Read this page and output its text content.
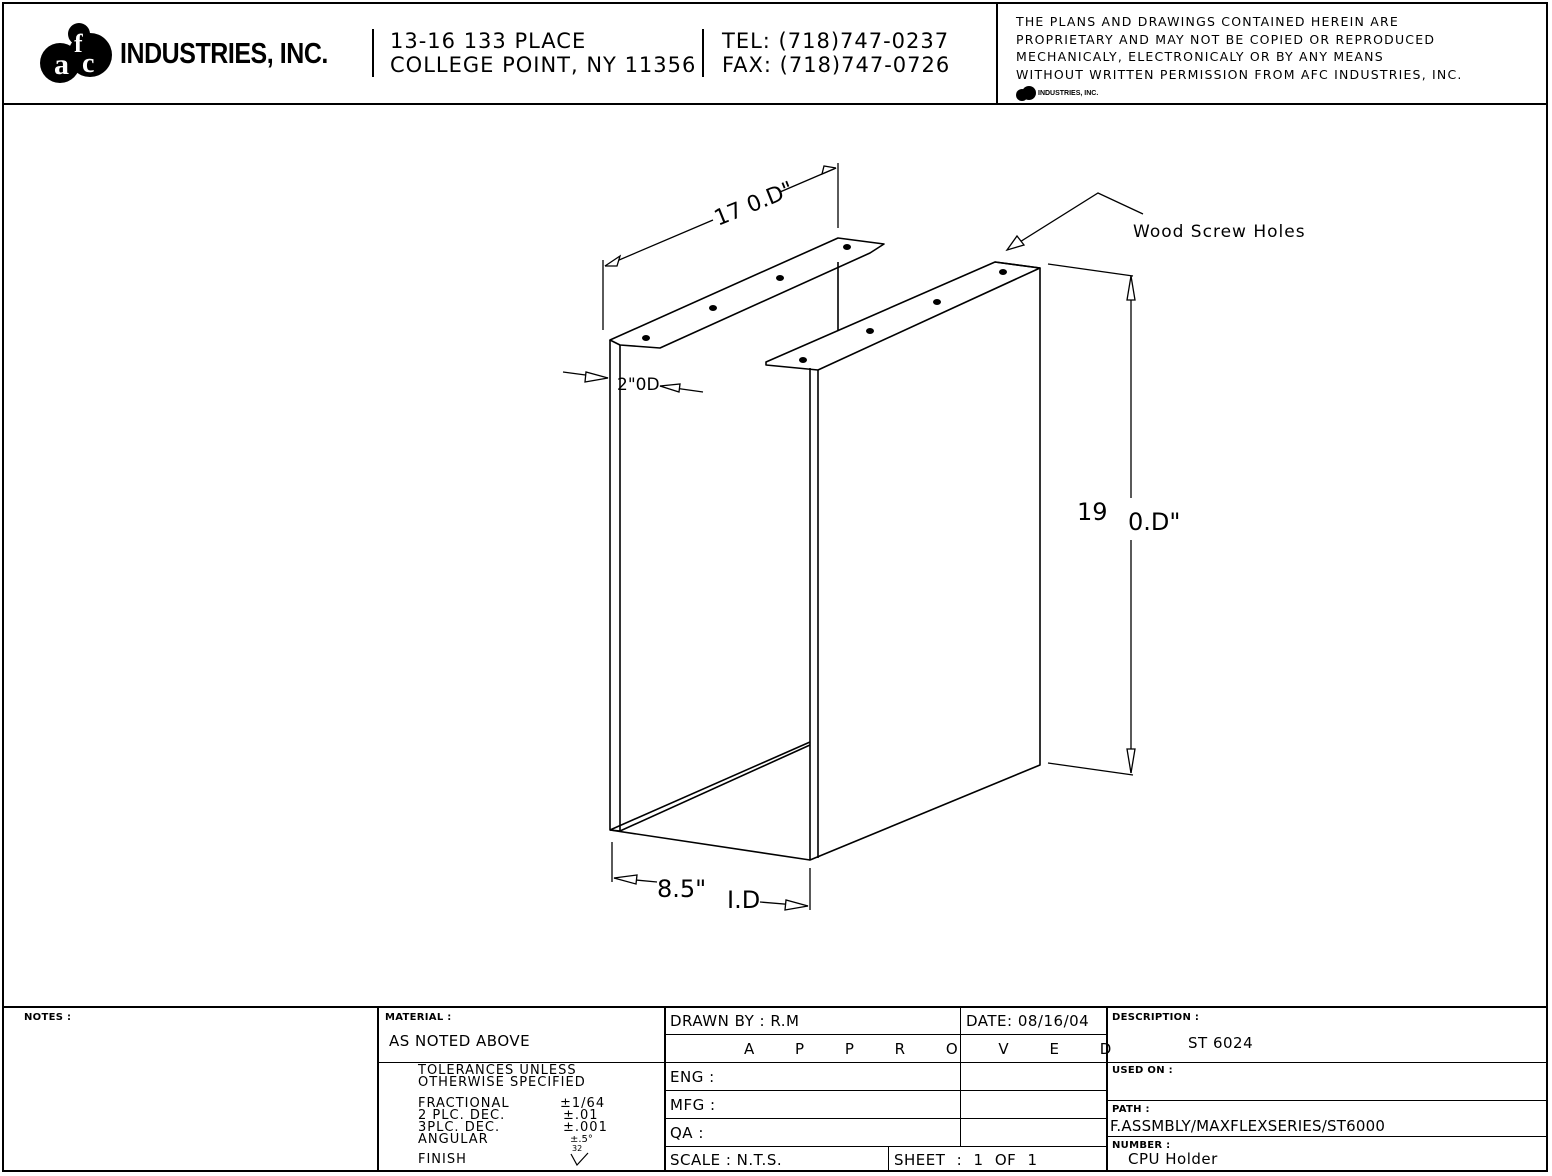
a
f
c INDUSTRIES, INC.	13-16 133 PLACE
COLLEGE POINT, NY 11356
TEL: (718)747-0237
FAX: (718)747-0726
THE PLANS AND DRAWINGS CONTAINED HEREIN ARE
PROPRIETARY AND MAY NOT BE COPIED OR REPRODUCED
MECHANICALY, ELECTRONICALY OR BY ANY MEANS
WITHOUT WRITTEN PERMISSION FROM AFC INDUSTRIES, INC.
INDUSTRIES, INC.
17 0.D"
2"0D
19 0.D"
8.5" I.D
Wood Screw Holes
NOTES :	MATERIAL :
AS NOTED ABOVE
TOLERANCES UNLESS
OTHERWISE SPECIFIED
FRACTIONAL	±1/64
2 PLC. DEC.	±.01
3PLC. DEC.	±.001
ANGULAR	±.5°
FINISH
32
DRAWN BY : R.M	DATE: 08/16/04
A P P R O V E D
ENG :
MFG :
QA :
SCALE : N.T.S.	SHEET : 1 OF 1
DESCRIPTION :
ST 6024
USED ON :
PATH :
F.ASSMBLY/MAXFLEXSERIES/ST6000
NUMBER :
CPU Holder
